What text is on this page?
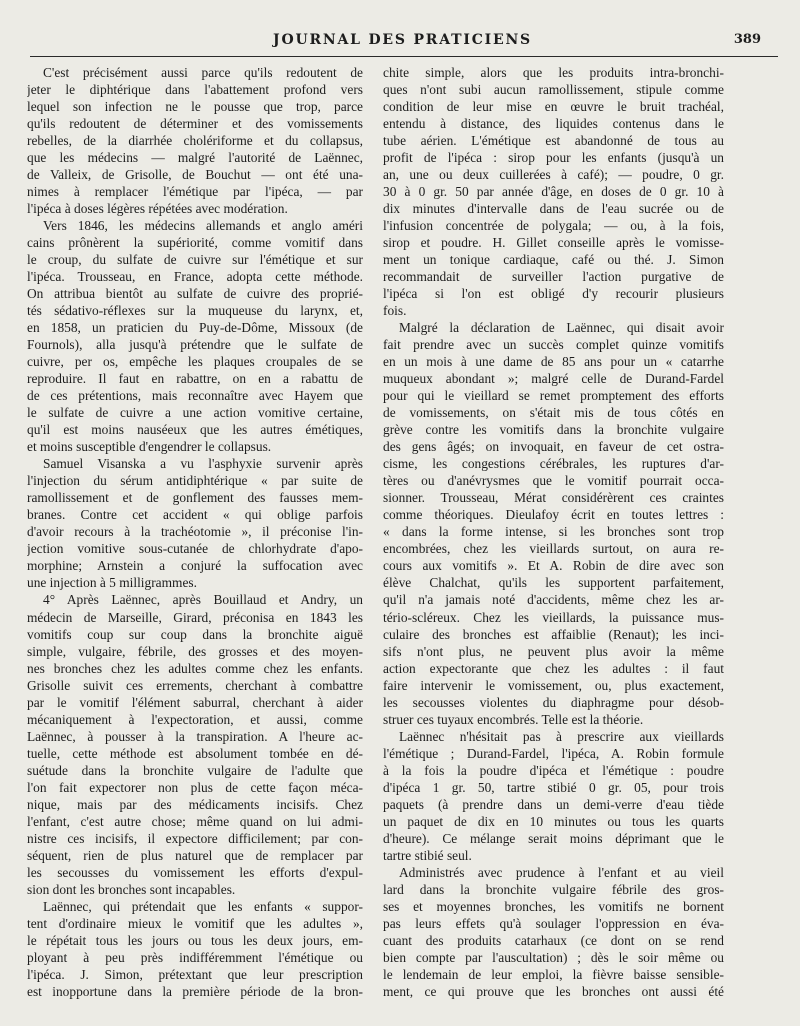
JOURNAL DES PRATICIENS	389
C'est précisément aussi parce qu'ils redoutent de
jeter le diphtérique dans l'abattement profond vers
lequel son infection ne le pousse que trop, parce
qu'ils redoutent de déterminer et des vomissements
rebelles, de la diarrhée cholériforme et du collapsus,
que les médecins — malgré l'autorité de Laënnec,
de Valleix, de Grisolle, de Bouchut — ont été una-
nimes à remplacer l'émétique par l'ipéca, — par
l'ipéca à doses légères répétées avec modération.
Vers 1846, les médecins allemands et anglo améri
cains prônèrent la supériorité, comme vomitif dans
le croup, du sulfate de cuivre sur l'émétique et sur
l'ipéca. Trousseau, en France, adopta cette méthode.
On attribua bientôt au sulfate de cuivre des proprié-
tés sédativo-réflexes sur la muqueuse du larynx, et,
en 1858, un praticien du Puy-de-Dôme, Missoux (de
Fournols), alla jusqu'à prétendre que le sulfate de
cuivre, per os, empêche les plaques croupales de se
reproduire. Il faut en rabattre, on en a rabattu de
de ces prétentions, mais reconnaître avec Hayem que
le sulfate de cuivre a une action vomitive certaine,
qu'il est moins nauséeux que les autres émétiques,
et moins susceptible d'engendrer le collapsus.
Samuel Visanska a vu l'asphyxie survenir après
l'injection du sérum antidiphtérique « par suite de
ramollissement et de gonflement des fausses mem-
branes. Contre cet accident « qui oblige parfois
d'avoir recours à la trachéotomie », il préconise l'in-
jection vomitive sous-cutanée de chlorhydrate d'apo-
morphine; Arnstein a conjuré la suffocation avec
une injection à 5 milligrammes.
4° Après Laënnec, après Bouillaud et Andry, un
médecin de Marseille, Girard, préconisa en 1843 les
vomitifs coup sur coup dans la bronchite aiguë
simple, vulgaire, fébrile, des grosses et des moyen-
nes bronches chez les adultes comme chez les enfants.
Grisolle suivit ces errements, cherchant à combattre
par le vomitif l'élément saburral, cherchant à aider
mécaniquement à l'expectoration, et aussi, comme
Laënnec, à pousser à la transpiration. A l'heure ac-
tuelle, cette méthode est absolument tombée en dé-
suétude dans la bronchite vulgaire de l'adulte que
l'on fait expectorer non plus de cette façon méca-
nique, mais par des médicaments incisifs. Chez
l'enfant, c'est autre chose; même quand on lui admi-
nistre ces incisifs, il expectore difficilement; par con-
séquent, rien de plus naturel que de remplacer par
les secousses du vomissement les efforts d'expul-
sion dont les bronches sont incapables.
Laënnec, qui prétendait que les enfants « suppor-
tent d'ordinaire mieux le vomitif que les adultes »,
le répétait tous les jours ou tous les deux jours, em-
ployant à peu près indifféremment l'émétique ou
l'ipéca. J. Simon, prétextant que leur prescription
est inopportune dans la première période de la bron-
chite simple, alors que les produits intra-bronchi-
ques n'ont subi aucun ramollissement, stipule comme
condition de leur mise en œuvre le bruit trachéal,
entendu à distance, des liquides contenus dans le
tube aérien. L'émétique est abandonné de tous au
profit de l'ipéca : sirop pour les enfants (jusqu'à un
an, une ou deux cuillerées à café); — poudre, 0 gr.
30 à 0 gr. 50 par année d'âge, en doses de 0 gr. 10 à
dix minutes d'intervalle dans de l'eau sucrée ou de
l'infusion concentrée de polygala; — ou, à la fois,
sirop et poudre. H. Gillet conseille après le vomisse-
ment un tonique cardiaque, café ou thé. J. Simon
recommandait de surveiller l'action purgative de
l'ipéca si l'on est obligé d'y recourir plusieurs
fois.
Malgré la déclaration de Laënnec, qui disait avoir
fait prendre avec un succès complet quinze vomitifs
en un mois à une dame de 85 ans pour un « catarrhe
muqueux abondant »; malgré celle de Durand-Fardel
pour qui le vieillard se remet promptement des efforts
de vomissements, on s'était mis de tous côtés en
grève contre les vomitifs dans la bronchite vulgaire
des gens âgés; on invoquait, en faveur de cet ostra-
cisme, les congestions cérébrales, les ruptures d'ar-
tères ou d'anévrysmes que le vomitif pourrait occa-
sionner. Trousseau, Mérat considérèrent ces craintes
comme théoriques. Dieulafoy écrit en toutes lettres :
« dans la forme intense, si les bronches sont trop
encombrées, chez les vieillards surtout, on aura re-
cours aux vomitifs ». Et A. Robin de dire avec son
élève Chalchat, qu'ils les supportent parfaitement,
qu'il n'a jamais noté d'accidents, même chez les ar-
tério-scléreux. Chez les vieillards, la puissance mus-
culaire des bronches est affaiblie (Renaut); les inci-
sifs n'ont plus, ne peuvent plus avoir la même
action expectorante que chez les adultes : il faut
faire intervenir le vomissement, ou, plus exactement,
les secousses violentes du diaphragme pour désob-
struer ces tuyaux encombrés. Telle est la théorie.
Laënnec n'hésitait pas à prescrire aux vieillards
l'émétique ; Durand-Fardel, l'ipéca, A. Robin formule
à la fois la poudre d'ipéca et l'émétique : poudre
d'ipéca 1 gr. 50, tartre stibié 0 gr. 05, pour trois
paquets (à prendre dans un demi-verre d'eau tiède
un paquet de dix en 10 minutes ou tous les quarts
d'heure). Ce mélange serait moins déprimant que le
tartre stibié seul.
Administrés avec prudence à l'enfant et au vieil
lard dans la bronchite vulgaire fébrile des gros-
ses et moyennes bronches, les vomitifs ne bornent
pas leurs effets qu'à soulager l'oppression en éva-
cuant des produits catarhaux (ce dont on se rend
bien compte par l'auscultation) ; dès le soir même ou
le lendemain de leur emploi, la fièvre baisse sensible-
ment, ce qui prouve que les bronches ont aussi été
